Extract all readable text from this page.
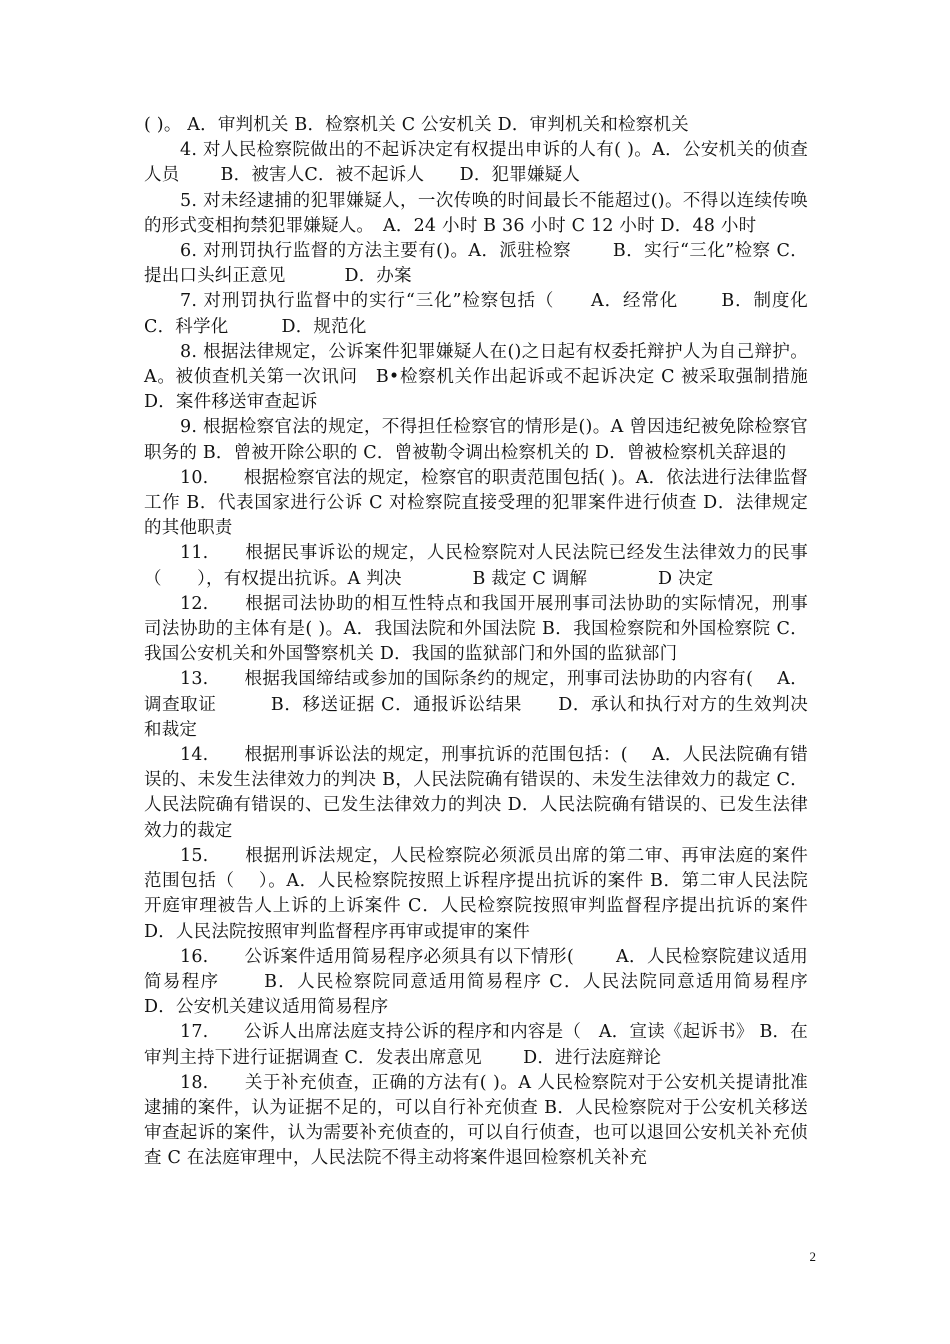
( )。 A．审判机关 B．检察机关 C 公安机关 D．审判机关和检察机关

4. 对人民检察院做出的不起诉决定有权提出申诉的人有( )。A．公安机关的侦查人员　　 B．被害人C．被不起诉人　　D．犯罪嫌疑人

5. 对未经逮捕的犯罪嫌疑人，一次传唤的时间最长不能超过()。不得以连续传唤的形式变相拘禁犯罪嫌疑人。　A．24 小时 B 36 小时 C 12 小时 D．48 小时

6. 对刑罚执行监督的方法主要有()。A．派驻检察　　 B．实行“三化”检察 C．提出口头纠正意见　　　 D．办案

7. 对刑罚执行监督中的实行“三化”检察包括（　　A．经常化　　 B．制度化 C．科学化　　　D．规范化

8. 根据法律规定，公诉案件犯罪嫌疑人在()之日起有权委托辩护人为自己辩护。A。被侦查机关第一次讯问　B•检察机关作出起诉或不起诉决定 C 被采取强制措施 D．案件移送审查起诉

9. 根据检察官法的规定，不得担任检察官的情形是()。A 曾因违纪被免除检察官职务的 B．曾被开除公职的 C．曾被勒令调出检察机关的 D．曾被检察机关辞退的

10.　　根据检察官法的规定，检察官的职责范围包括( )。A．依法进行法律监督工作 B．代表国家进行公诉 C 对检察院直接受理的犯罪案件进行侦查 D．法律规定的其他职责

11.　　根据民事诉讼的规定，人民检察院对人民法院已经发生法律效力的民事（　　），有权提出抗诉。A 判决　　　　B 裁定 C 调解　　　　D 决定

12.　　根据司法协助的相互性特点和我国开展刑事司法协助的实际情况，刑事司法协助的主体有是( )。A．我国法院和外国法院 B．我国检察院和外国检察院 C．我国公安机关和外国警察机关 D．我国的监狱部门和外国的监狱部门

13.　　根据我国缔结或参加的国际条约的规定，刑事司法协助的内容有(　 A．调查取证　　　B．移送证据 C．通报诉讼结果　　D．承认和执行对方的生效判决和裁定

14.　　根据刑事诉讼法的规定，刑事抗诉的范围包括：(　 A．人民法院确有错误的、未发生法律效力的判决 B，人民法院确有错误的、未发生法律效力的裁定 C．人民法院确有错误的、已发生法律效力的判决 D．人民法院确有错误的、已发生法律效力的裁定

15.　　根据刑诉法规定，人民检察院必须派员出席的第二审、再审法庭的案件范围包括（　 ）。A．人民检察院按照上诉程序提出抗诉的案件 B．第二审人民法院开庭审理被告人上诉的上诉案件 C．人民检察院按照审判监督程序提出抗诉的案件 D．人民法院按照审判监督程序再审或提审的案件

16.　　公诉案件适用简易程序必须具有以下情形(　　 A．人民检察院建议适用简易程序　　 B．人民检察院同意适用简易程序 C．人民法院同意适用简易程序　　 D．公安机关建议适用简易程序

17.　　公诉人出席法庭支持公诉的程序和内容是（　A．宣读《起诉书》 B．在审判主持下进行证据调查 C．发表出席意见　　 D．进行法庭辩论

18.　　关于补充侦查，正确的方法有( )。A 人民检察院对于公安机关提请批准逮捕的案件，认为证据不足的，可以自行补充侦查 B．人民检察院对于公安机关移送审查起诉的案件，认为需要补充侦查的，可以自行侦查，也可以退回公安机关补充侦查 C 在法庭审理中，人民法院不得主动将案件退回检察机关补充

2
